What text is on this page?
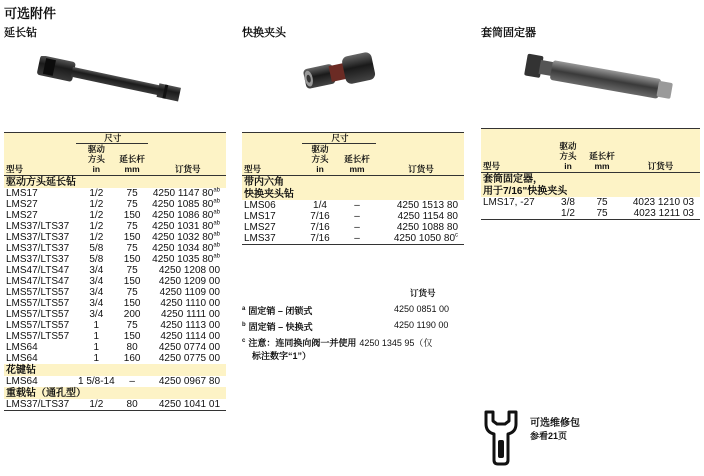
可选附件
延长钻	快换夹头	套筒固定器
	尺寸		
	驱动
方头	延长杆	
型号	in	mm	订货号
驱动方头延长钻			
LMS17	1/2	75	4250 1147 $80^{ab}$
LMS27	1/2	75	4250 1085 $80^{ab}$
LMS27	1/2	150	4250 1086 $80^{ab}$
LMS37/LTS37	1/2	75	4250 1031 $80^{ab}$
LMS37/LTS37	1/2	150	4250 1032 $80^{ab}$
LMS37/LTS37	5/8	75	4250 1034 $80^{ab}$
LMS37/LTS37	5/8	150	4250 1035 $80^{ab}$
LMS47/LTS47	3/4	75	4250 1208 00
LMS47/LTS47	3/4	150	4250 1209 00
LMS57/LTS57	3/4	75	4250 1109 00
LMS57/LTS57	3/4	150	4250 1110 00
LMS57/LTS57	3/4	200	4250 1111 00
LMS57/LTS57	1	75	4250 1113 00
LMS57/LTS57	1	150	4250 1114 00
LMS64	1	80	4250 0774 00
LMS64	1	160	4250 0775 00
花键钻			
LMS64	1 5/8-14	–	4250 0967 80
重载钻（通孔型）			
LMS37/LTS37	1/2	80	4250 1041 01
	尺寸		
	驱动
方头	延长杆	
型号	in	mm	订货号
带内六角			
快换夹头钻			
LMS06	1/4	–	4250 1513 80
LMS17	7/16	–	4250 1154 80
LMS27	7/16	–	4250 1088 80
LMS37	7/16	–	4250 1050 80$^c$
订货号
$^a$ 固定销 – 闭锁式	4250 0851 00
$^b$ 固定销 – 快换式	4250 1190 00
$^c$ 注意：连同换向阀一并使用 4250 1345 95（仅
标注数字“1”）

	驱动
方头	延长杆	
型号	in	mm	订货号
套筒固定器，			
用于7/16"快换夹头			
LMS17, -27	3/8	75	4023 1210 03
	1/2	75	4023 1211 03
可选维修包
参看21页
